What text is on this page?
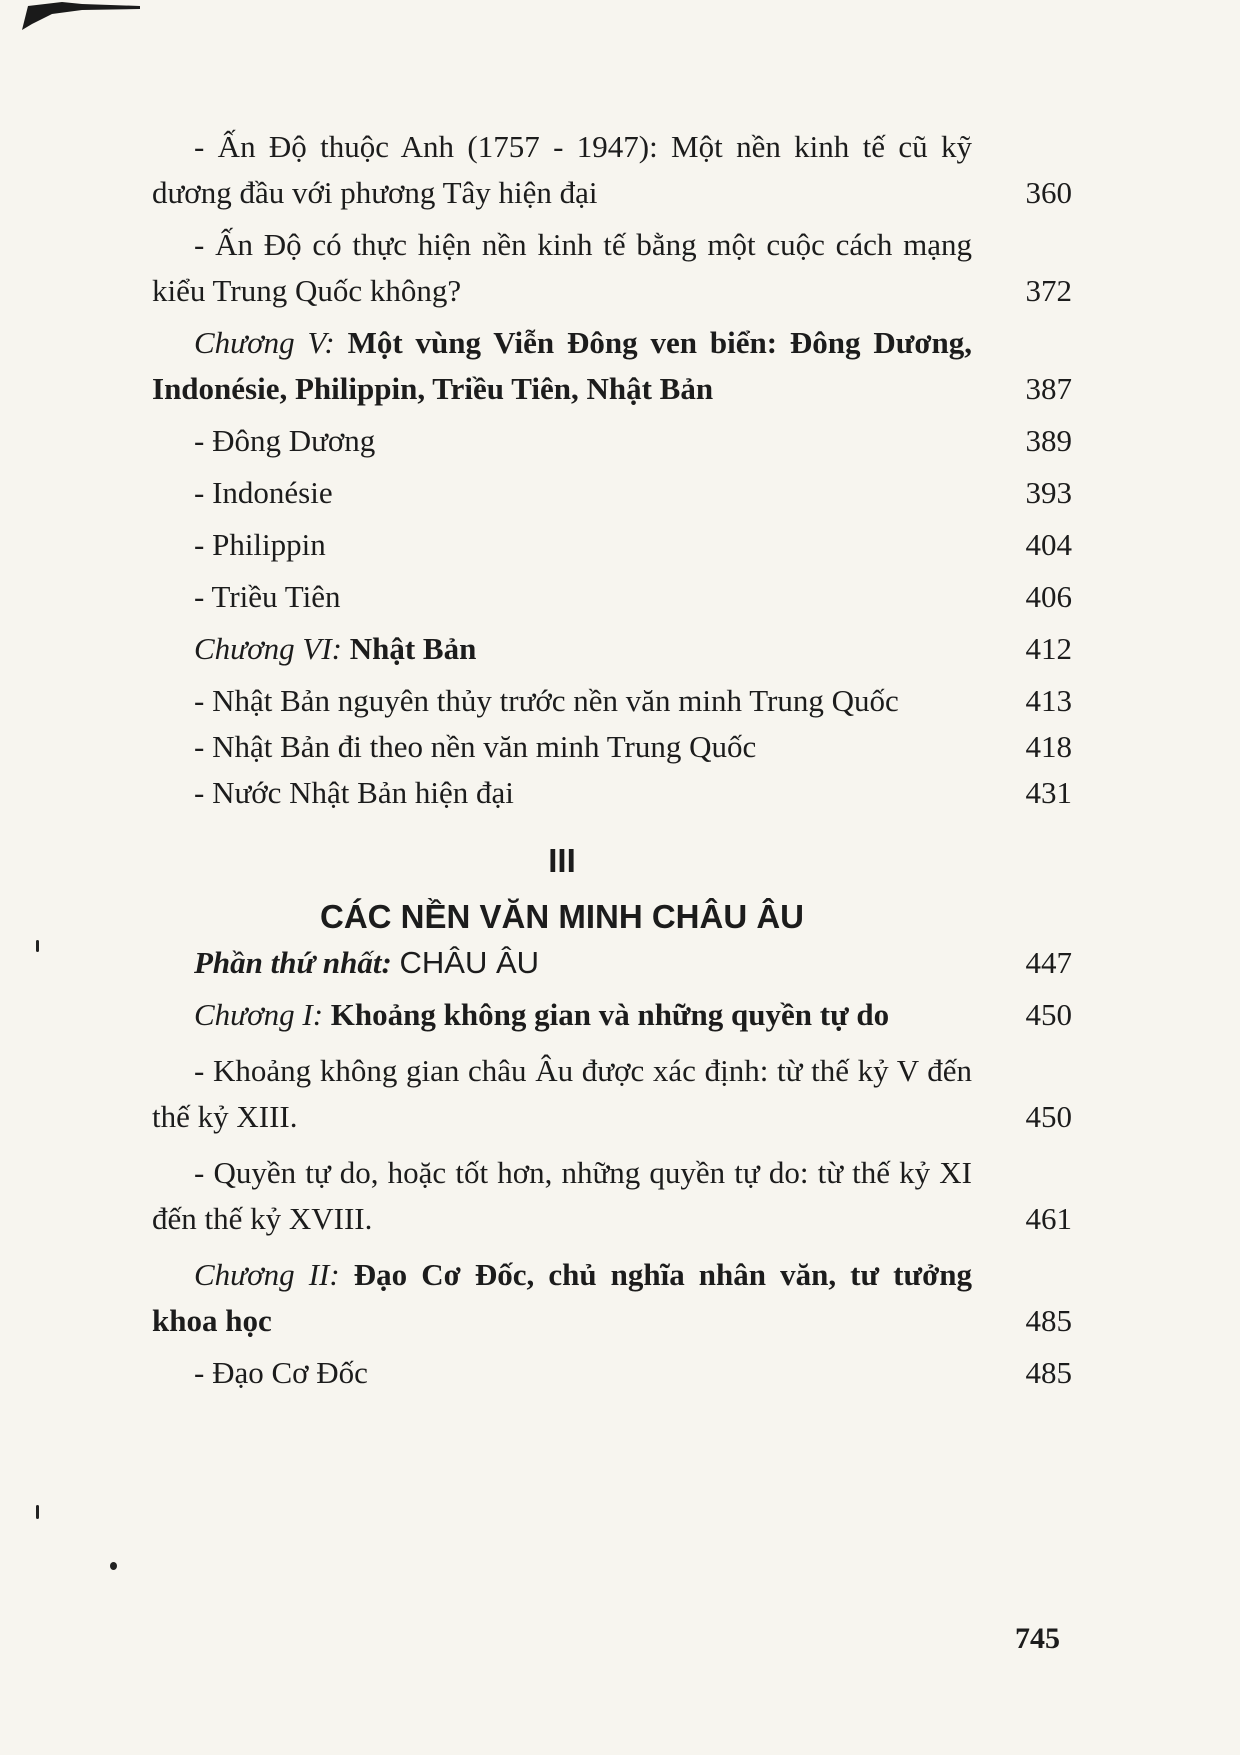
- Ấn Độ thuộc Anh (1757 - 1947): Một nền kinh tế cũ kỹ dương đầu với phương Tây hiện đại	360
- Ấn Độ có thực hiện nền kinh tế bằng một cuộc cách mạng kiểu Trung Quốc không?	372
Chương V: Một vùng Viễn Đông ven biển: Đông Dương, Indonésie, Philippin, Triều Tiên, Nhật Bản	387
- Đông Dương	389
- Indonésie	393
- Philippin	404
- Triều Tiên	406
Chương VI: Nhật Bản	412
- Nhật Bản nguyên thủy trước nền văn minh Trung Quốc	413
- Nhật Bản đi theo nền văn minh Trung Quốc	418
- Nước Nhật Bản hiện đại	431
III
CÁC NỀN VĂN MINH CHÂU ÂU
Phần thứ nhất: CHÂU ÂU	447
Chương I: Khoảng không gian và những quyền tự do	450
- Khoảng không gian châu Âu được xác định: từ thế kỷ V đến thế kỷ XIII.	450
- Quyền tự do, hoặc tốt hơn, những quyền tự do: từ thế kỷ XI đến thế kỷ XVIII.	461
Chương II: Đạo Cơ Đốc, chủ nghĩa nhân văn, tư tưởng khoa học	485
- Đạo Cơ Đốc	485
745
